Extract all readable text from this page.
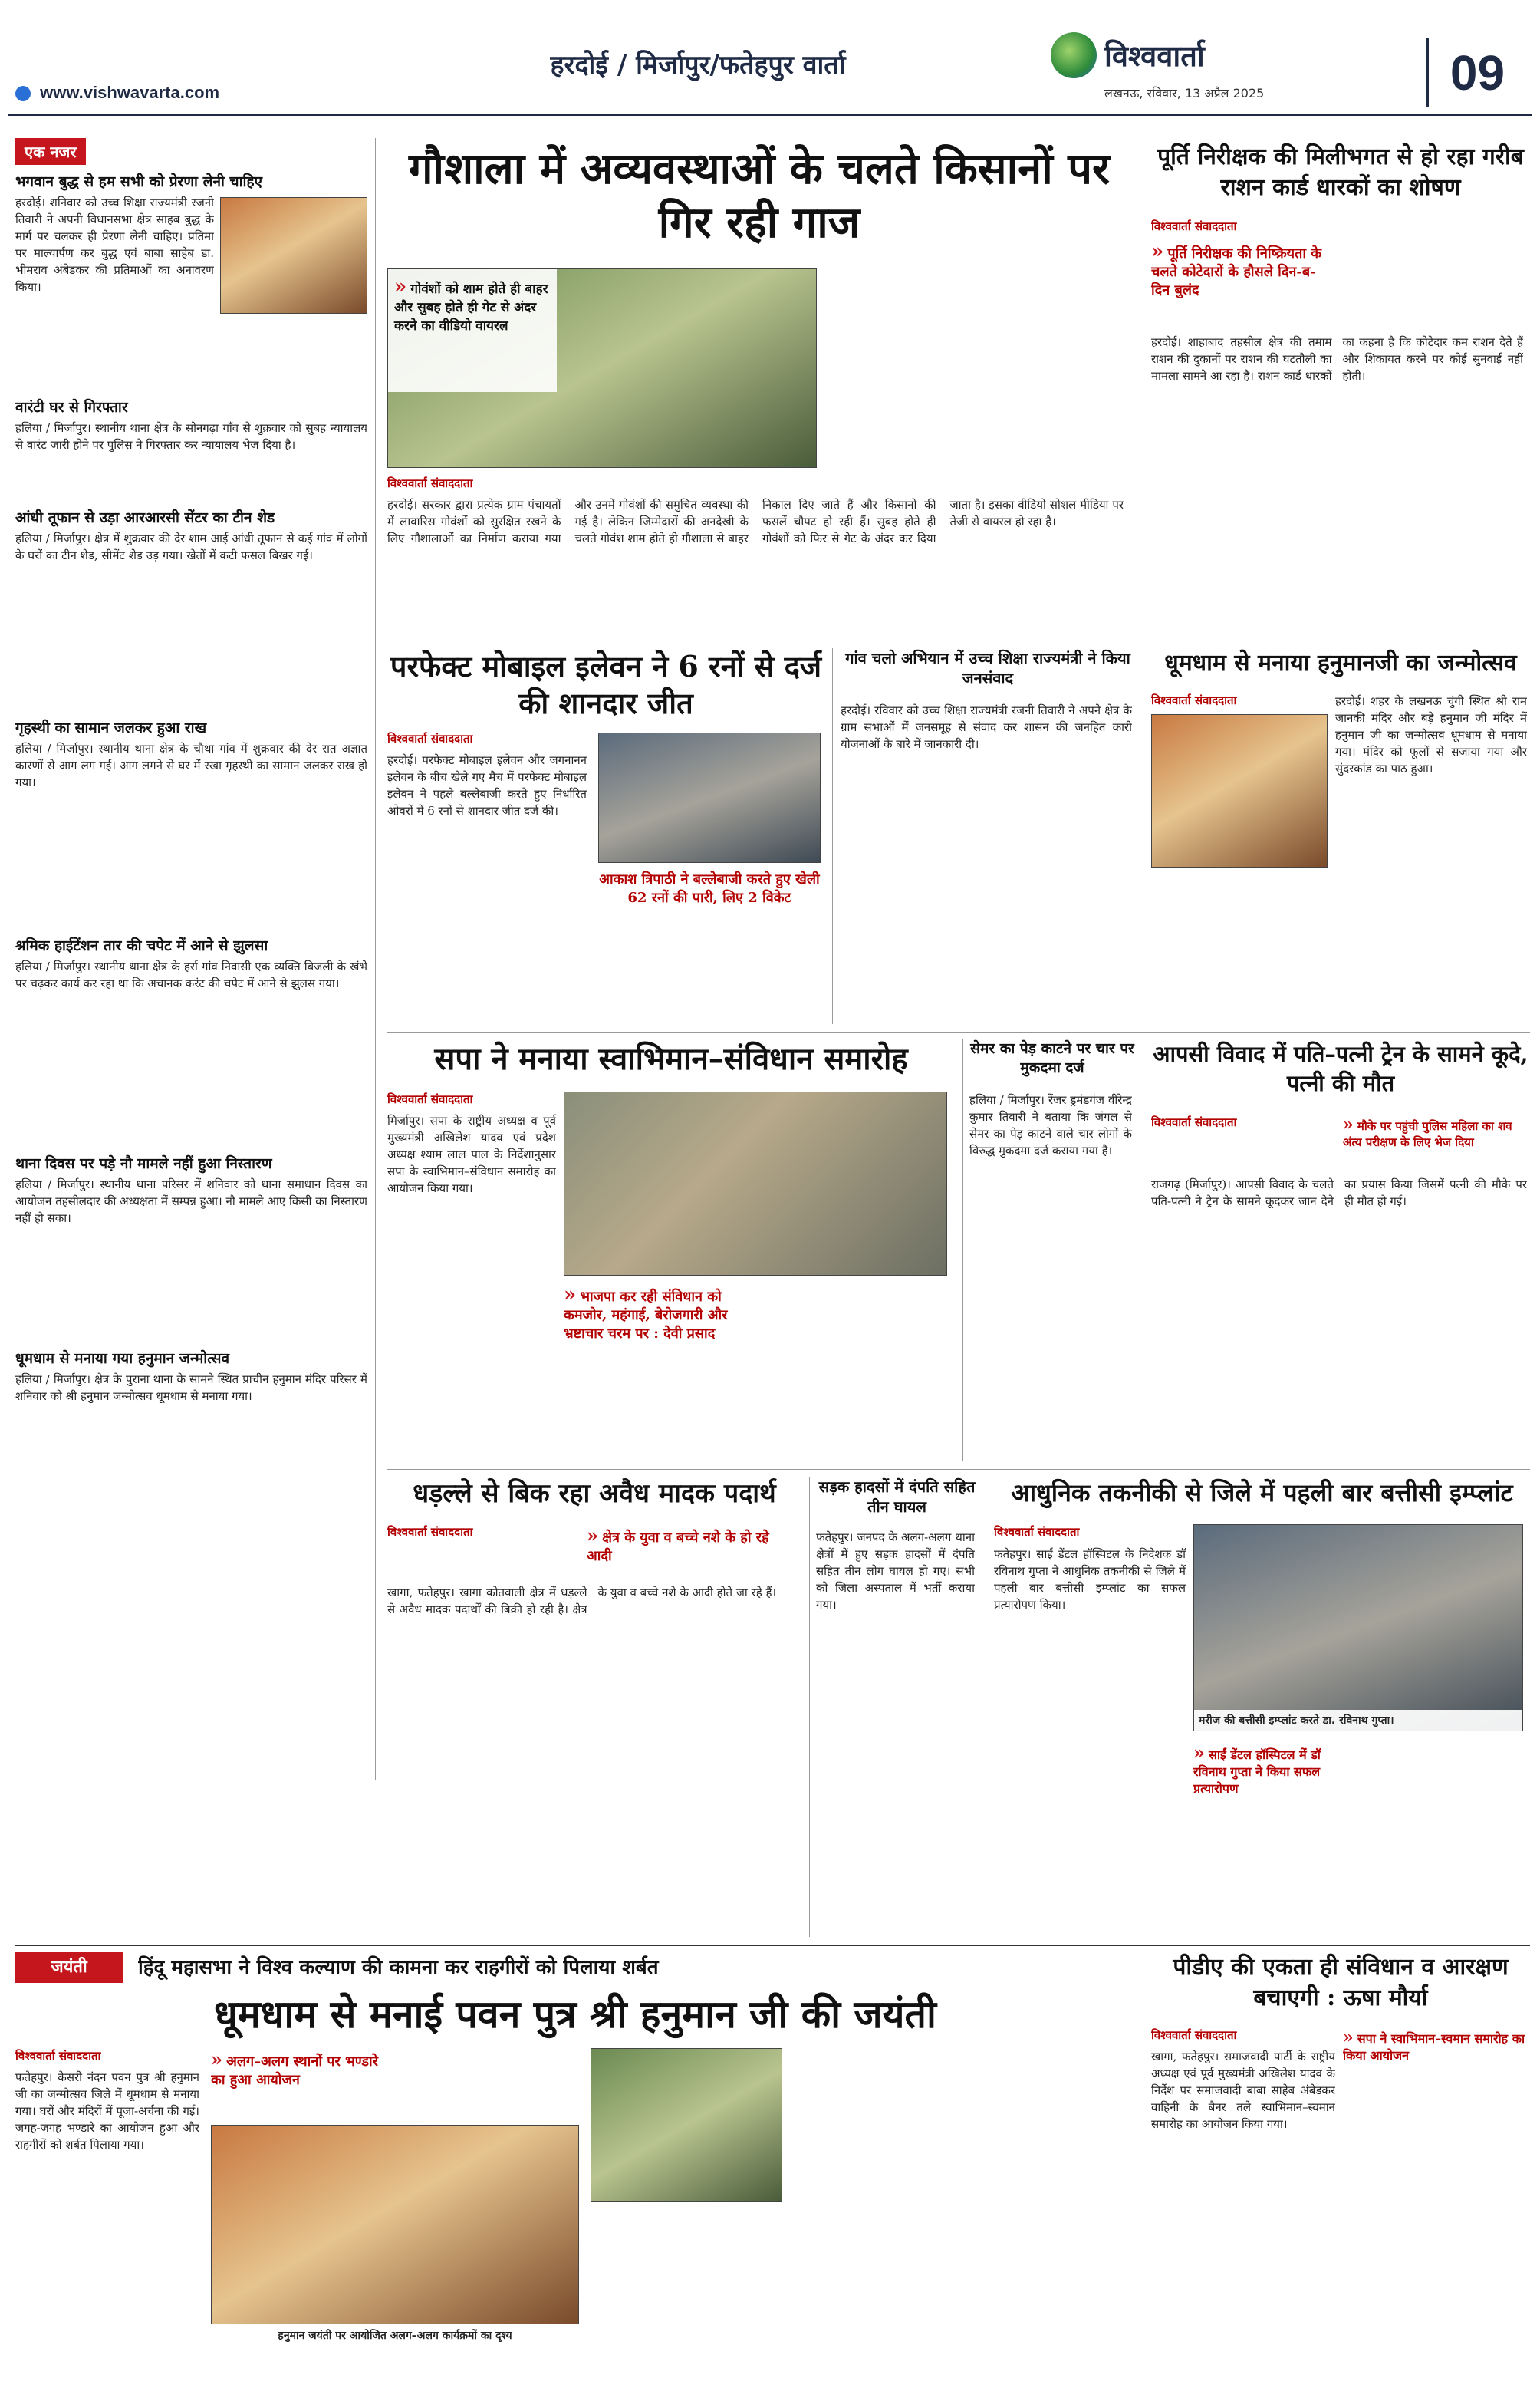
हरदोई / मिर्जापुर/फतेहपुर वार्ता
www.vishwavarta.com
विश्ववार्ता
लखनऊ, रविवार, 13 अप्रैल 2025	09
एक नजर
भगवान बुद्ध से हम सभी को प्रेरणा लेनी चाहिए
हरदोई। शनिवार को उच्च शिक्षा राज्यमंत्री रजनी तिवारी ने अपनी विधानसभा क्षेत्र साहब बुद्ध के मार्ग पर चलकर ही प्रेरणा लेनी चाहिए। प्रतिमा पर माल्यार्पण कर बुद्ध एवं बाबा साहेब डा. भीमराव अंबेडकर की प्रतिमाओं का अनावरण किया।
वारंटी घर से गिरफ्तार
हलिया / मिर्जापुर। स्थानीय थाना क्षेत्र के सोनगढ़ा गाँव से शुक्रवार को सुबह न्यायालय से वारंट जारी होने पर पुलिस ने गिरफ्तार कर न्यायालय भेज दिया है।
आंधी तूफान से उड़ा आरआरसी सेंटर का टीन शेड
हलिया / मिर्जापुर। क्षेत्र में शुक्रवार की देर शाम आई आंधी तूफान से कई गांव में लोगों के घरों का टीन शेड, सीमेंट शेड उड़ गया। खेतों में कटी फसल बिखर गई।
गृहस्थी का सामान जलकर हुआ राख
हलिया / मिर्जापुर। स्थानीय थाना क्षेत्र के चौथा गांव में शुक्रवार की देर रात अज्ञात कारणों से आग लग गई। आग लगने से घर में रखा गृहस्थी का सामान जलकर राख हो गया।
श्रमिक हाईटेंशन तार की चपेट में आने से झुलसा
हलिया / मिर्जापुर। स्थानीय थाना क्षेत्र के हर्रा गांव निवासी एक व्यक्ति बिजली के खंभे पर चढ़कर कार्य कर रहा था कि अचानक करंट की चपेट में आने से झुलस गया।
थाना दिवस पर पड़े नौ मामले नहीं हुआ निस्तारण
हलिया / मिर्जापुर। स्थानीय थाना परिसर में शनिवार को थाना समाधान दिवस का आयोजन तहसीलदार की अध्यक्षता में सम्पन्न हुआ। नौ मामले आए किसी का निस्तारण नहीं हो सका।
धूमधाम से मनाया गया हनुमान जन्मोत्सव
हलिया / मिर्जापुर। क्षेत्र के पुराना थाना के सामने स्थित प्राचीन हनुमान मंदिर परिसर में शनिवार को श्री हनुमान जन्मोत्सव धूमधाम से मनाया गया।
गौशाला में अव्यवस्थाओं के चलते किसानों पर गिर रही गाज
» गोवंशों को शाम होते ही बाहर और सुबह होते ही गेट से अंदर करने का वीडियो वायरल
विश्ववार्ता संवाददाता
हरदोई। सरकार द्वारा प्रत्येक ग्राम पंचायतों में लावारिस गोवंशों को सुरक्षित रखने के लिए गौशालाओं का निर्माण कराया गया और उनमें गोवंशों की समुचित व्यवस्था की गई है। लेकिन जिम्मेदारों की अनदेखी के चलते गोवंश शाम होते ही गौशाला से बाहर निकाल दिए जाते हैं और किसानों की फसलें चौपट हो रही हैं। सुबह होते ही गोवंशों को फिर से गेट के अंदर कर दिया जाता है। इसका वीडियो सोशल मीडिया पर तेजी से वायरल हो रहा है।
पूर्ति निरीक्षक की मिलीभगत से हो रहा गरीब राशन कार्ड धारकों का शोषण
विश्ववार्ता संवाददाता
» पूर्ति निरीक्षक की निष्क्रियता के चलते कोटेदारों के हौसले दिन-ब-दिन बुलंद
हरदोई। शाहाबाद तहसील क्षेत्र की तमाम राशन की दुकानों पर राशन की घटतौली का मामला सामने आ रहा है। राशन कार्ड धारकों का कहना है कि कोटेदार कम राशन देते हैं और शिकायत करने पर कोई सुनवाई नहीं होती।
परफेक्ट मोबाइल इलेवन ने 6 रनों से दर्ज की शानदार जीत
विश्ववार्ता संवाददाता
हरदोई। परफेक्ट मोबाइल इलेवन और जगनानन इलेवन के बीच खेले गए मैच में परफेक्ट मोबाइल इलेवन ने पहले बल्लेबाजी करते हुए निर्धारित ओवरों में 6 रनों से शानदार जीत दर्ज की।
आकाश त्रिपाठी ने बल्लेबाजी करते हुए खेली 62 रनों की पारी, लिए 2 विकेट
गांव चलो अभियान में उच्च शिक्षा राज्यमंत्री ने किया जनसंवाद
हरदोई। रविवार को उच्च शिक्षा राज्यमंत्री रजनी तिवारी ने अपने क्षेत्र के ग्राम सभाओं में जनसमूह से संवाद कर शासन की जनहित कारी योजनाओं के बारे में जानकारी दी।
धूमधाम से मनाया हनुमानजी का जन्मोत्सव
विश्ववार्ता संवाददाता	हरदोई। शहर के लखनऊ चुंगी स्थित श्री राम जानकी मंदिर और बड़े हनुमान जी मंदिर में हनुमान जी का जन्मोत्सव धूमधाम से मनाया गया। मंदिर को फूलों से सजाया गया और सुंदरकांड का पाठ हुआ।
सपा ने मनाया स्वाभिमान–संविधान समारोह
विश्ववार्ता संवाददाता
मिर्जापुर। सपा के राष्ट्रीय अध्यक्ष व पूर्व मुख्यमंत्री अखिलेश यादव एवं प्रदेश अध्यक्ष श्याम लाल पाल के निर्देशानुसार सपा के स्वाभिमान–संविधान समारोह का आयोजन किया गया।
» भाजपा कर रही संविधान को कमजोर, महंगाई, बेरोजगारी और भ्रष्टाचार चरम पर : देवी प्रसाद
सेमर का पेड़ काटने पर चार पर मुकदमा दर्ज
हलिया / मिर्जापुर। रेंजर ड्रमंडगंज वीरेन्द्र कुमार तिवारी ने बताया कि जंगल से सेमर का पेड़ काटने वाले चार लोगों के विरुद्ध मुकदमा दर्ज कराया गया है।
आपसी विवाद में पति–पत्नी ट्रेन के सामने कूदे, पत्नी की मौत
विश्ववार्ता संवाददाता	» मौके पर पहुंची पुलिस महिला का शव अंत्य परीक्षण के लिए भेज दिया
राजगढ़ (मिर्जापुर)। आपसी विवाद के चलते पति-पत्नी ने ट्रेन के सामने कूदकर जान देने का प्रयास किया जिसमें पत्नी की मौके पर ही मौत हो गई।
धड़ल्ले से बिक रहा अवैध मादक पदार्थ
विश्ववार्ता संवाददाता	» क्षेत्र के युवा व बच्चे नशे के हो रहे आदी
खागा, फतेहपुर। खागा कोतवाली क्षेत्र में धड़ल्ले से अवैध मादक पदार्थों की बिक्री हो रही है। क्षेत्र के युवा व बच्चे नशे के आदी होते जा रहे हैं।
सड़क हादसों में दंपति सहित तीन घायल
फतेहपुर। जनपद के अलग-अलग थाना क्षेत्रों में हुए सड़क हादसों में दंपति सहित तीन लोग घायल हो गए। सभी को जिला अस्पताल में भर्ती कराया गया।
आधुनिक तकनीकी से जिले में पहली बार बत्तीसी इम्प्लांट
विश्ववार्ता संवाददाता
फतेहपुर। साईं डेंटल हॉस्पिटल के निदेशक डॉ रविनाथ गुप्ता ने आधुनिक तकनीकी से जिले में पहली बार बत्तीसी इम्प्लांट का सफल प्रत्यारोपण किया।
मरीज की बत्तीसी इम्प्लांट करते डा. रविनाथ गुप्ता।
» साईं डेंटल हॉस्पिटल में डॉ रविनाथ गुप्ता ने किया सफल प्रत्यारोपण
जयंती	हिंदू महासभा ने विश्व कल्याण की कामना कर राहगीरों को पिलाया शर्बत
धूमधाम से मनाई पवन पुत्र श्री हनुमान जी की जयंती
विश्ववार्ता संवाददाता
फतेहपुर। केसरी नंदन पवन पुत्र श्री हनुमान जी का जन्मोत्सव जिले में धूमधाम से मनाया गया। घरों और मंदिरों में पूजा-अर्चना की गई। जगह-जगह भण्डारे का आयोजन हुआ और राहगीरों को शर्बत पिलाया गया।
» अलग–अलग स्थानों पर भण्डारे का हुआ आयोजन
हनुमान जयंती पर आयोजित अलग–अलग कार्यक्रमों का दृश्य
पीडीए की एकता ही संविधान व आरक्षण बचाएगी : ऊषा मौर्या
विश्ववार्ता संवाददाता
खागा, फतेहपुर। समाजवादी पार्टी के राष्ट्रीय अध्यक्ष एवं पूर्व मुख्यमंत्री अखिलेश यादव के निर्देश पर समाजवादी बाबा साहेब अंबेडकर वाहिनी के बैनर तले स्वाभिमान–स्वमान समारोह का आयोजन किया गया।
» सपा ने स्वाभिमान–स्वमान समारोह का किया आयोजन
